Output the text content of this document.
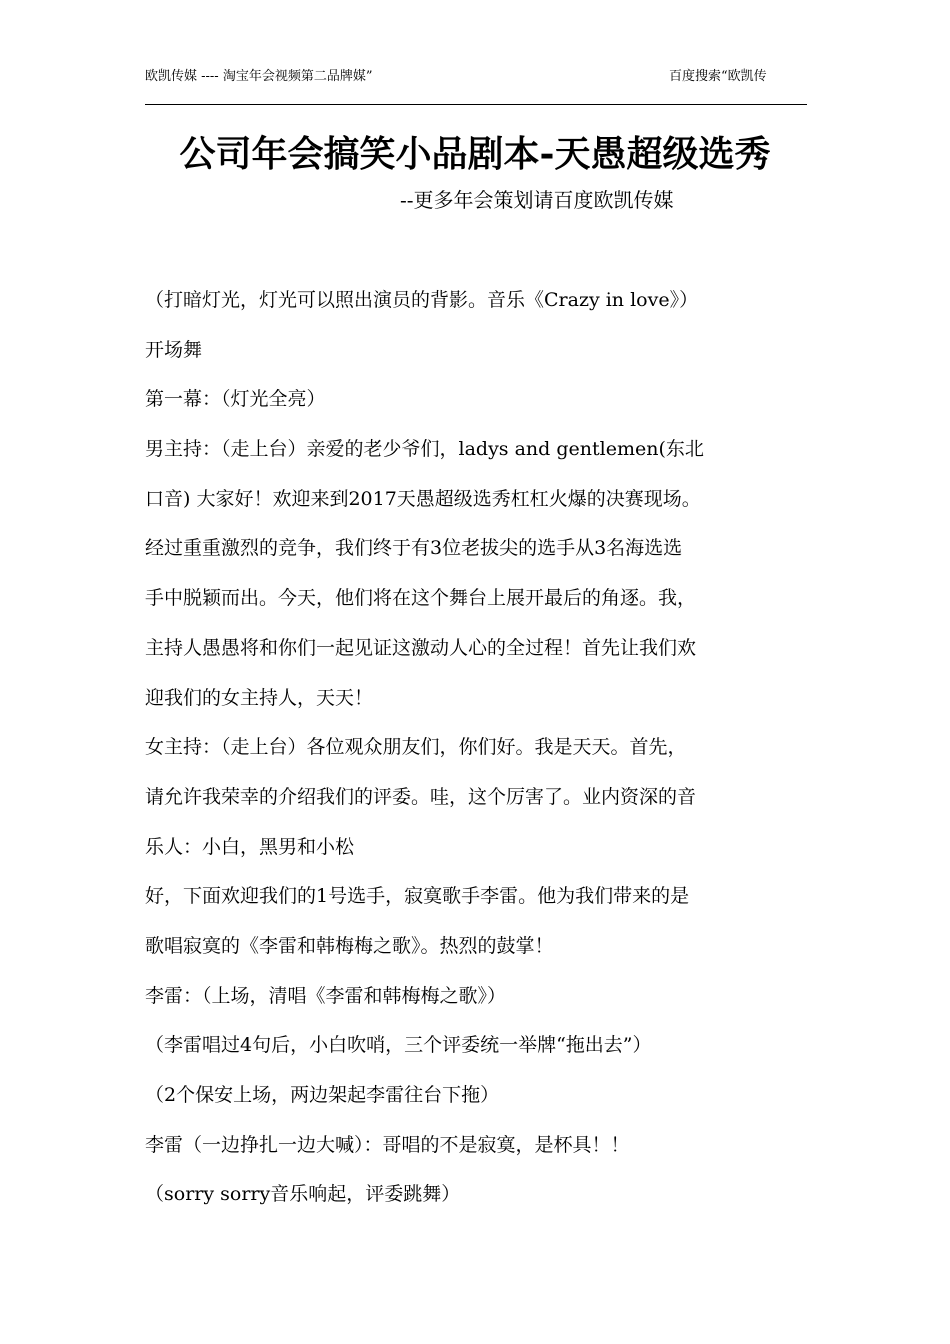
欧凯传媒 ---- 淘宝年会视频第二品牌媒”	百度搜索“欧凯传
公司年会搞笑小品剧本-天愚超级选秀
--更多年会策划请百度欧凯传媒
（打暗灯光，灯光可以照出演员的背影。音乐《Crazy in love》）
开场舞
第一幕：（灯光全亮）
男主持：（走上台）亲爱的老少爷们，ladys and gentlemen(东北
口音) 大家好！欢迎来到2017天愚超级选秀杠杠火爆的决赛现场。
经过重重激烈的竞争，我们终于有3位老拔尖的选手从3名海选选
手中脱颖而出。今天，他们将在这个舞台上展开最后的角逐。我，
主持人愚愚将和你们一起见证这激动人心的全过程！首先让我们欢
迎我们的女主持人，天天！
女主持：（走上台）各位观众朋友们，你们好。我是天天。首先，
请允许我荣幸的介绍我们的评委。哇，这个厉害了。业内资深的音
乐人：小白，黑男和小松
好，下面欢迎我们的1号选手，寂寞歌手李雷。他为我们带来的是
歌唱寂寞的《李雷和韩梅梅之歌》。热烈的鼓掌！
李雷：（上场，清唱《李雷和韩梅梅之歌》）
（李雷唱过4句后，小白吹哨，三个评委统一举牌“拖出去”）
（2个保安上场，两边架起李雷往台下拖）
李雷（一边挣扎一边大喊）：哥唱的不是寂寞，是杯具！！
（sorry sorry音乐响起，评委跳舞）
